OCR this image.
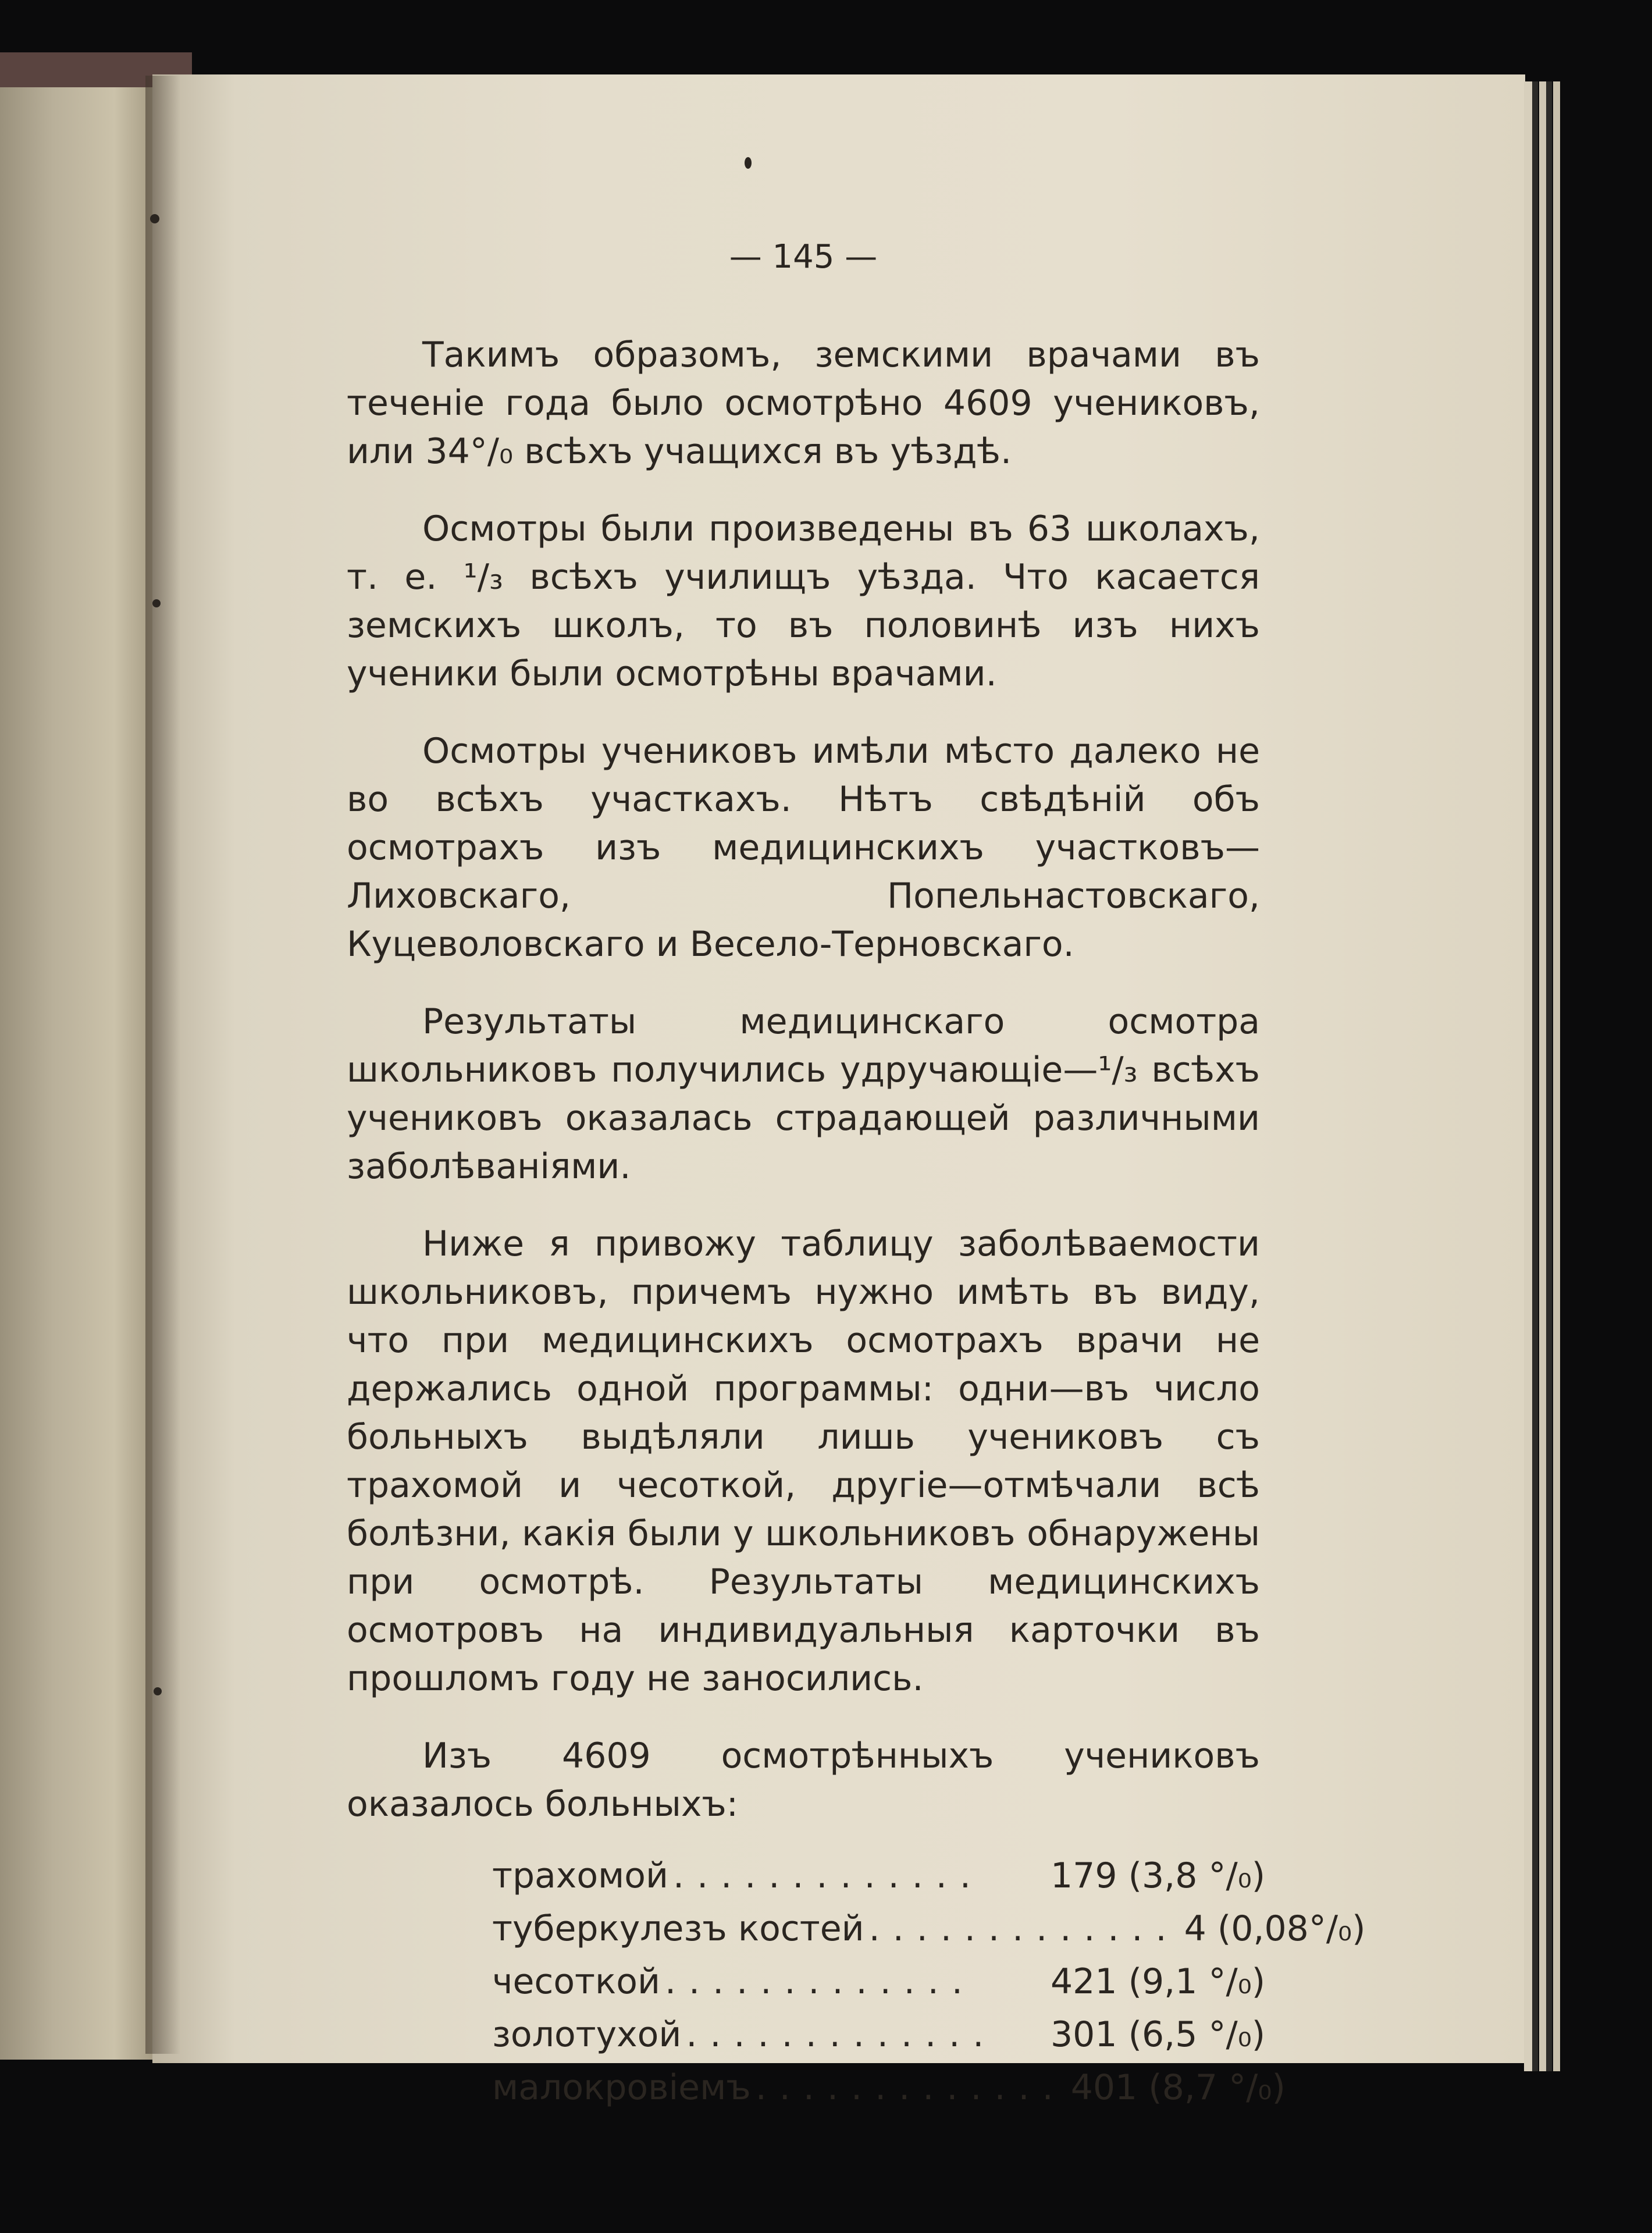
— 145 —

Такимъ образомъ, земскими врачами въ теченіе года было осмотрѣно 4609 учениковъ, или 34°/₀ всѣхъ учащихся въ уѣздѣ.

Осмотры были произведены въ 63 школахъ, т. е. ¹/₃ всѣхъ училищъ уѣзда. Что касается земскихъ школъ, то въ половинѣ изъ нихъ ученики были осмотрѣны врачами.

Осмотры учениковъ имѣли мѣсто далеко не во всѣхъ участкахъ. Нѣтъ свѣдѣній объ осмотрахъ изъ медицинскихъ участковъ—Лиховскаго, Попельнастовскаго, Куцеволовскаго и Весело-Терновскаго.

Результаты медицинскаго осмотра школьниковъ получились удручающіе—¹/₃ всѣхъ учениковъ оказалась страдающей различными заболѣваніями.

Ниже я привожу таблицу заболѣваемости школьниковъ, причемъ нужно имѣть въ виду, что при медицинскихъ осмотрахъ врачи не держались одной программы: одни—въ число больныхъ выдѣляли лишь учениковъ съ трахомой и чесоткой, другіе—отмѣчали всѣ болѣзни, какія были у школьниковъ обнаружены при осмотрѣ. Результаты медицинскихъ осмотровъ на индивидуальныя карточки въ прошломъ году не заносились.

Изъ 4609 осмотрѣнныхъ учениковъ оказалось больныхъ:

трахомой .............	179 (3,8 °/₀)
туберкулезъ костей ............. 4 (0,08°/₀)
чесоткой .............	421 (9,1 °/₀)
золотухой .............	301 (6,5 °/₀)
малокровіемъ ............. 401 (8,7 °/₀)
